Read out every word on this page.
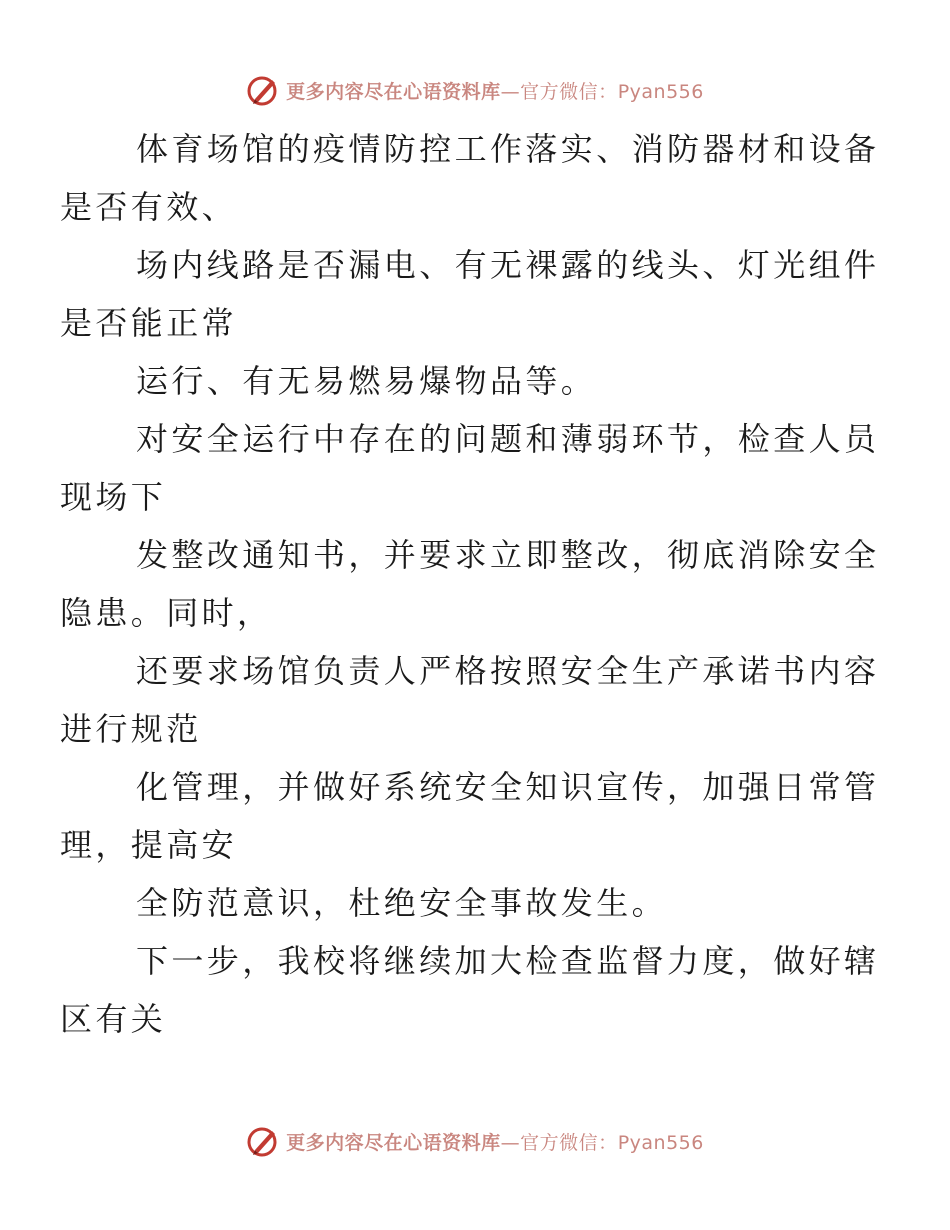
更多内容尽在心语资料库—官方微信：Pyan556

体育场馆的疫情防控工作落实、消防器材和设备
是否有效、

场内线路是否漏电、有无裸露的线头、灯光组件
是否能正常

运行、有无易燃易爆物品等。

对安全运行中存在的问题和薄弱环节，检查人员
现场下

发整改通知书，并要求立即整改，彻底消除安全
隐患。同时，

还要求场馆负责人严格按照安全生产承诺书内容
进行规范

化管理，并做好系统安全知识宣传，加强日常管
理，提高安

全防范意识，杜绝安全事故发生。

下一步，我校将继续加大检查监督力度，做好辖
区有关

更多内容尽在心语资料库—官方微信：Pyan556
